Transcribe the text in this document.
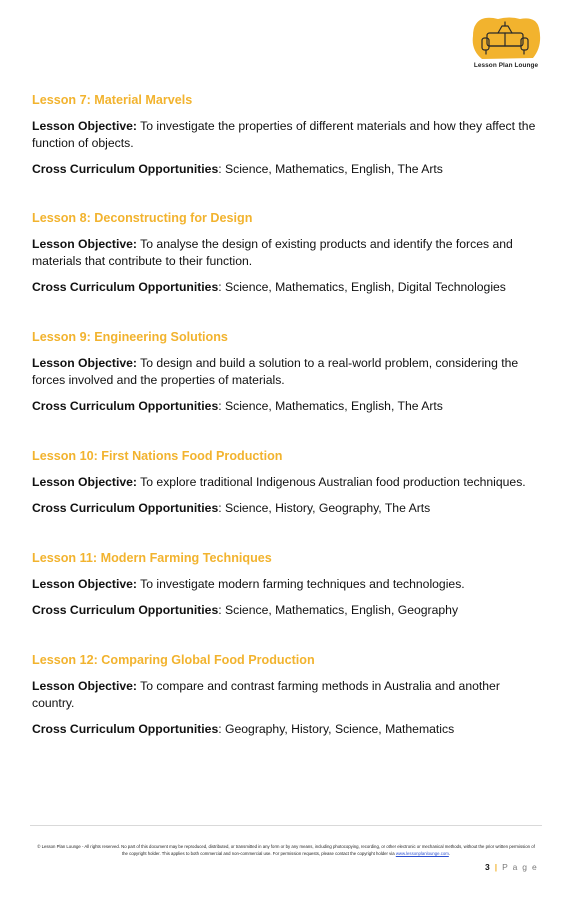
Lesson Plan Lounge
Lesson 7: Material Marvels
Lesson Objective: To investigate the properties of different materials and how they affect the function of objects.
Cross Curriculum Opportunities: Science, Mathematics, English, The Arts
Lesson 8: Deconstructing for Design
Lesson Objective: To analyse the design of existing products and identify the forces and materials that contribute to their function.
Cross Curriculum Opportunities: Science, Mathematics, English, Digital Technologies
Lesson 9: Engineering Solutions
Lesson Objective: To design and build a solution to a real-world problem, considering the forces involved and the properties of materials.
Cross Curriculum Opportunities: Science, Mathematics, English, The Arts
Lesson 10: First Nations Food Production
Lesson Objective: To explore traditional Indigenous Australian food production techniques.
Cross Curriculum Opportunities: Science, History, Geography, The Arts
Lesson 11: Modern Farming Techniques
Lesson Objective: To investigate modern farming techniques and technologies.
Cross Curriculum Opportunities: Science, Mathematics, English, Geography
Lesson 12: Comparing Global Food Production
Lesson Objective: To compare and contrast farming methods in Australia and another country.
Cross Curriculum Opportunities: Geography, History, Science, Mathematics
© Lesson Plan Lounge - All rights reserved. No part of this document may be reproduced, distributed, or transmitted in any form or by any means, including photocopying, recording, or other electronic or mechanical methods, without the prior written permission of the copyright holder. This applies to both commercial and non-commercial use. For permission requests, please contact the copyright holder via www.lessonplanlounge.com.
3 | P a g e
